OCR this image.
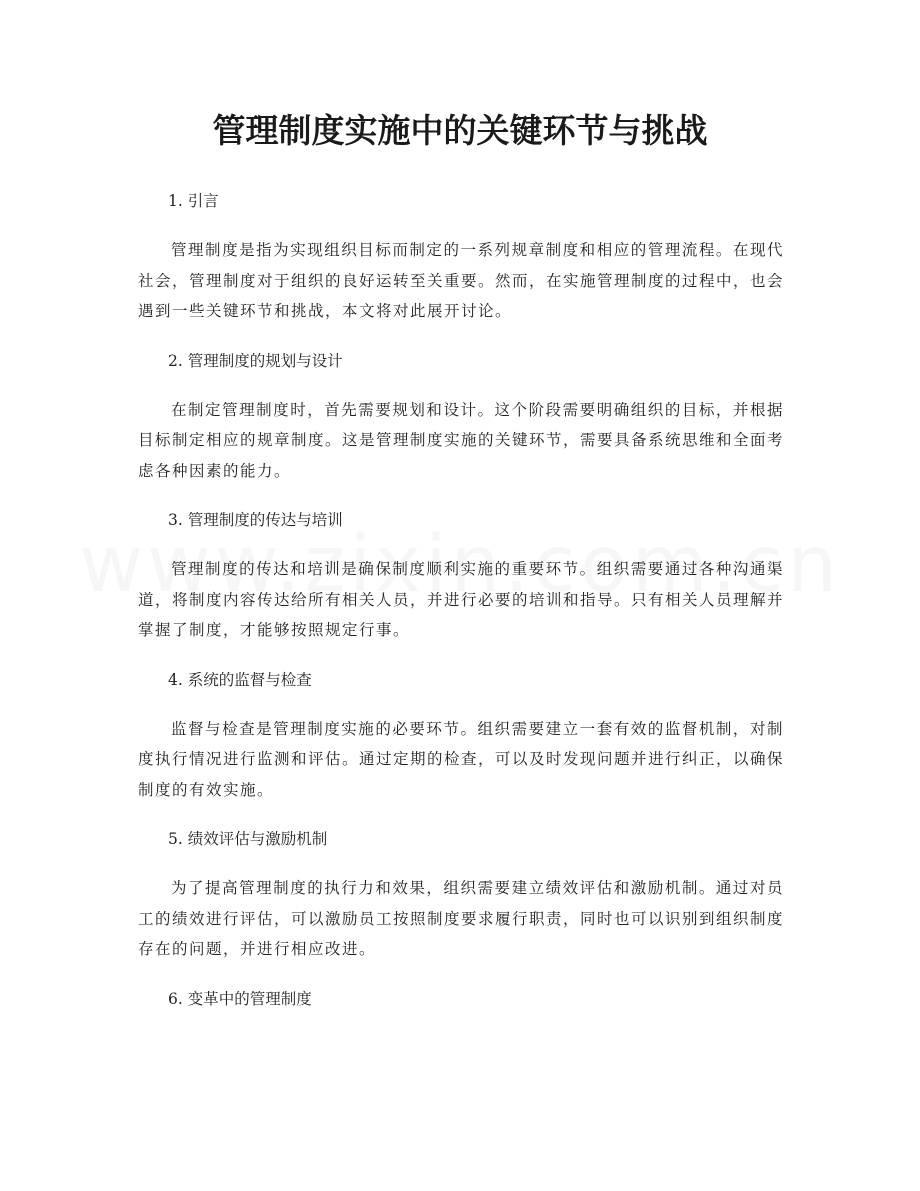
管理制度实施中的关键环节与挑战

1. 引言

管理制度是指为实现组织目标而制定的一系列规章制度和相应的管理流程。在现代社会，管理制度对于组织的良好运转至关重要。然而，在实施管理制度的过程中，也会遇到一些关键环节和挑战，本文将对此展开讨论。

2. 管理制度的规划与设计

在制定管理制度时，首先需要规划和设计。这个阶段需要明确组织的目标，并根据目标制定相应的规章制度。这是管理制度实施的关键环节，需要具备系统思维和全面考虑各种因素的能力。

3. 管理制度的传达与培训

管理制度的传达和培训是确保制度顺利实施的重要环节。组织需要通过各种沟通渠道，将制度内容传达给所有相关人员，并进行必要的培训和指导。只有相关人员理解并掌握了制度，才能够按照规定行事。

4. 系统的监督与检查

监督与检查是管理制度实施的必要环节。组织需要建立一套有效的监督机制，对制度执行情况进行监测和评估。通过定期的检查，可以及时发现问题并进行纠正，以确保制度的有效实施。

5. 绩效评估与激励机制

为了提高管理制度的执行力和效果，组织需要建立绩效评估和激励机制。通过对员工的绩效进行评估，可以激励员工按照制度要求履行职责，同时也可以识别到组织制度存在的问题，并进行相应改进。

6. 变革中的管理制度
